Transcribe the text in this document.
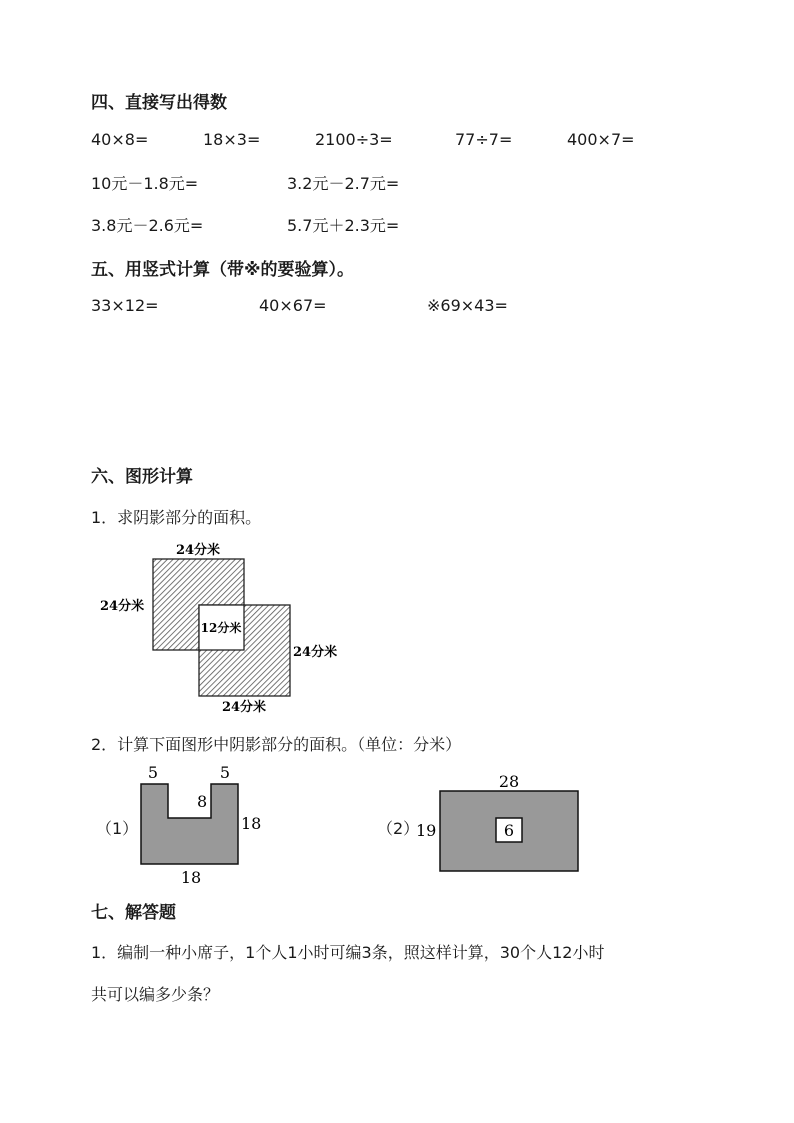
四、直接写出得数
40×8=	18×3=	2100÷3=	77÷7=	400×7=
10元－1.8元=	3.2元－2.7元=
3.8元－2.6元=	5.7元＋2.3元=
五、用竖式计算（带※的要验算）。
33×12=	40×67=	※69×43=
六、图形计算
1．求阴影部分的面积。
24分米
24分米
12分米
24分米
24分米
2．计算下面图形中阴影部分的面积。（单位：分米）
（1）
5	5
8
18
18
（2）
28
19	6
七、解答题
1．编制一种小席子，1个人1小时可编3条，照这样计算，30个人12小时
共可以编多少条？
